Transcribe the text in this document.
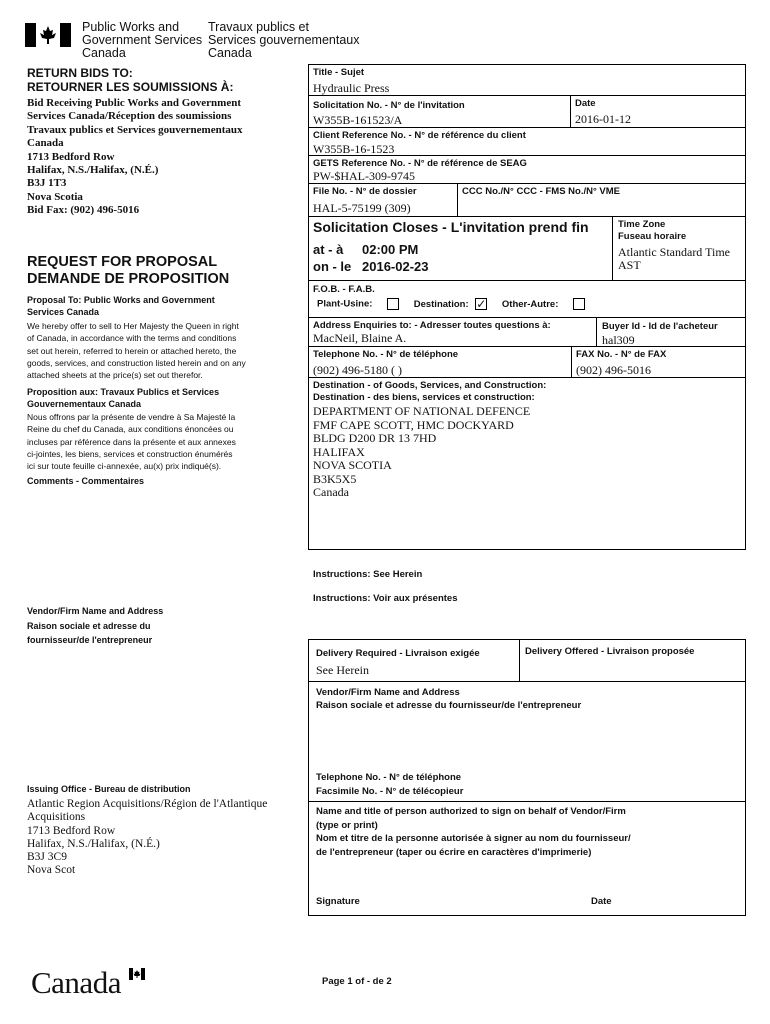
Public Works and
Government Services
Canada
Travaux publics et
Services gouvernementaux
Canada
RETURN BIDS TO:
RETOURNER LES SOUMISSIONS À:
Bid Receiving Public Works and Government
Services Canada/Réception des soumissions
Travaux publics et Services gouvernementaux
Canada
1713 Bedford Row
Halifax, N.S./Halifax, (N.É.)
B3J 1T3
Nova Scotia
Bid Fax: (902) 496-5016
REQUEST FOR PROPOSAL
DEMANDE DE PROPOSITION
Proposal To: Public Works and Government
Services Canada
We hereby offer to sell to Her Majesty the Queen in right
of Canada, in accordance with the terms and conditions
set out herein, referred to herein or attached hereto, the
goods, services, and construction listed herein and on any
attached sheets at the price(s) set out therefor.
Proposition aux: Travaux Publics et Services
Gouvernementaux Canada
Nous offrons par la présente de vendre à Sa Majesté la
Reine du chef du Canada, aux conditions énoncées ou
incluses par référence dans la présente et aux annexes
ci-jointes, les biens, services et construction énumérés
ici sur toute feuille ci-annexée, au(x) prix indiqué(s).
Comments - Commentaires
Vendor/Firm Name and Address
Raison sociale et adresse du
fournisseur/de l'entrepreneur
Issuing Office - Bureau de distribution
Atlantic Region Acquisitions/Région de l'Atlantique
Acquisitions
1713 Bedford Row
Halifax, N.S./Halifax, (N.É.)
B3J 3C9
Nova Scot
Title - Sujet
Hydraulic Press
Solicitation No. - N° de l'invitation
W355B-161523/A
Date
2016-01-12
Client Reference No. - N° de référence du client
W355B-16-1523
GETS Reference No. - N° de référence de SEAG
PW-$HAL-309-9745
File No. - N° de dossier
HAL-5-75199 (309)
CCC No./N° CCC - FMS No./N° VME
Solicitation Closes - L'invitation prend fin
at - à 02:00 PM
on - le 2016-02-23
Time Zone
Fuseau horaire
Atlantic Standard Time
AST
F.O.B. - F.A.B.
Plant-Usine:	Destination: ✓ Other-Autre:
Address Enquiries to: - Adresser toutes questions à:
MacNeil, Blaine A.
Buyer Id - Id de l'acheteur
hal309
Telephone No. - N° de téléphone
(902) 496-5180 ( )
FAX No. - N° de FAX
(902) 496-5016
Destination - of Goods, Services, and Construction:
Destination - des biens, services et construction:
DEPARTMENT OF NATIONAL DEFENCE
FMF CAPE SCOTT, HMC DOCKYARD
BLDG D200 DR 13 7HD
HALIFAX
NOVA SCOTIA
B3K5X5
Canada
Instructions: See Herein
Instructions: Voir aux présentes
Delivery Required - Livraison exigée
See Herein
Delivery Offered - Livraison proposée
Vendor/Firm Name and Address
Raison sociale et adresse du fournisseur/de l'entrepreneur
Telephone No. - N° de téléphone
Facsimile No. - N° de télécopieur
Name and title of person authorized to sign on behalf of Vendor/Firm
(type or print)
Nom et titre de la personne autorisée à signer au nom du fournisseur/
de l'entrepreneur (taper ou écrire en caractères d'imprimerie)
Signature	Date
Canada	Page 1 of - de 2
